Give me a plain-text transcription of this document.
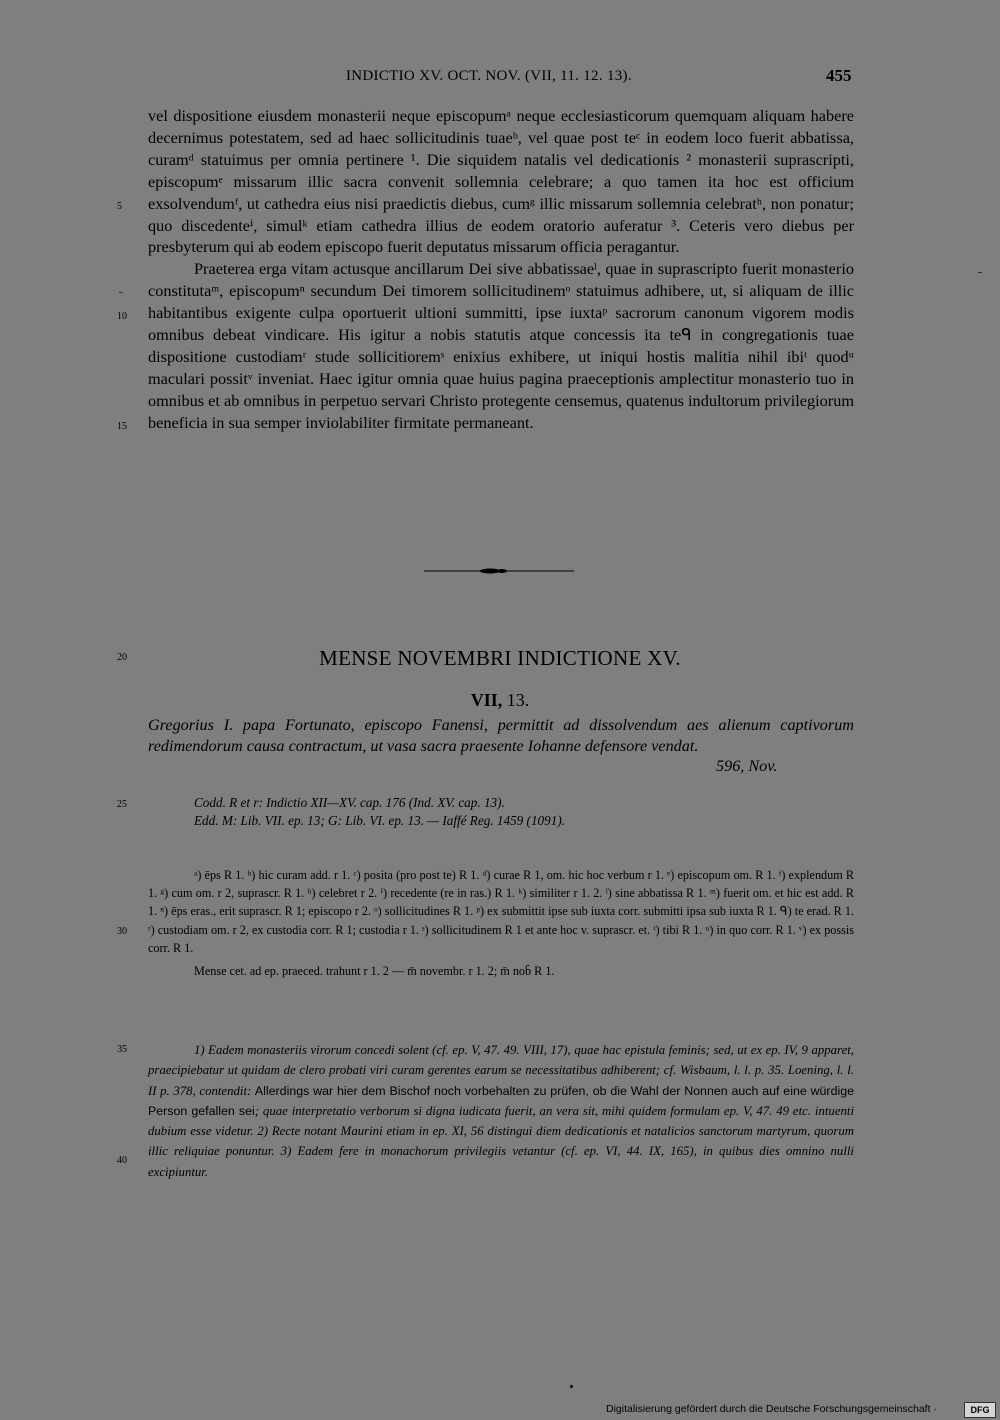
INDICTIO XV. OCT. NOV. (VII, 11. 12. 13).	455
5
10
15
20
25
30
35
40

vel dispositione eiusdem monasterii neque episcopumᵃ neque ecclesiasticorum quemquam aliquam habere decernimus potestatem, sed ad haec sollicitudinis tuaeᵇ, vel quae post teᶜ in eodem loco fuerit abbatissa, curamᵈ statuimus per omnia pertinere ¹. Die siquidem natalis vel dedicationis ² monasterii suprascripti, episcopumᵉ missarum illic sacra convenit sollemnia celebrare; a quo tamen ita hoc est officium exsolvendumᶠ, ut cathedra eius nisi praedictis diebus, cumᵍ illic missarum sollemnia celebratʰ, non ponatur; quo discedenteⁱ, simulᵏ etiam cathedra illius de eodem oratorio auferatur ³. Ceteris vero diebus per presbyterum qui ab eodem episcopo fuerit deputatus missarum officia peragantur.

Praeterea erga vitam actusque ancillarum Dei sive abbatissaeˡ, quae in suprascripto fuerit monasterio constitutaᵐ, episcopumⁿ secundum Dei timorem sollicitudinemᵒ statuimus adhibere, ut, si aliquam de illic habitantibus exigente culpa oportuerit ultioni summitti, ipse iuxtaᵖ sacrorum canonum vigorem modis omnibus debeat vindicare. His igitur a nobis statutis atque concessis ita teᑫ in congregationis tuae dispositione custodiamʳ stude sollicitioremˢ enixius exhibere, ut iniqui hostis malitia nihil ibiᵗ quodᵘ maculari possitᵛ inveniat. Haec igitur omnia quae huius pagina praeceptionis amplectitur monasterio tuo in omnibus et ab omnibus in perpetuo servari Christo protegente censemus, quatenus indultorum privilegiorum beneficia in sua semper inviolabiliter firmitate permaneant.

MENSE NOVEMBRI INDICTIONE XV.
VII, 13.
Gregorius I. papa Fortunato, episcopo Fanensi, permittit ad dissolvendum aes alienum captivorum redimendorum causa contractum, ut vasa sacra praesente Iohanne defensore vendat.
596, Nov.
Codd. R et r: Indictio XII—XV. cap. 176 (Ind. XV. cap. 13).
Edd. M: Lib. VII. ep. 13; G: Lib. VI. ep. 13. — Iaffé Reg. 1459 (1091).

ᵃ) ēps R 1. ᵇ) hic curam add. r 1. ᶜ) posita (pro post te) R 1. ᵈ) curae R 1, om. hic hoc verbum r 1. ᵉ) episcopum om. R 1. ᶠ) explendum R 1. ᵍ) cum om. r 2, suprascr. R 1. ʰ) celebret r 2. ⁱ) recedente (re in ras.) R 1. ᵏ) similiter r 1. 2. ˡ) sine abbatissa R 1. ᵐ) fuerit om. et hic est add. R 1. ⁿ) ēps eras., erit suprascr. R 1; episcopo r 2. ᵒ) sollicitudines R 1. ᵖ) ex submittit ipse sub iuxta corr. submitti ipsa sub iuxta R 1. ᑫ) te erad. R 1. ʳ) custodiam om. r 2, ex custodia corr. R 1; custodia r 1. ˢ) sollicitudinem R 1 et ante hoc v. suprascr. et. ᵗ) tibi R 1. ᵘ) in quo corr. R 1. ᵛ) ex possis corr. R 1.

Mense cet. ad ep. praeced. trahunt r 1. 2 — m̄ novembr. r 1. 2; m̄ nob̄ R 1.

1) Eadem monasteriis virorum concedi solent (cf. ep. V, 47. 49. VIII, 17), quae hac epistula feminis; sed, ut ex ep. IV, 9 apparet, praecipiebatur ut quidam de clero probati viri curam gerentes earum se necessitatibus adhiberent; cf. Wisbaum, l. l. p. 35. Loening, l. l. II p. 378, contendit: Allerdings war hier dem Bischof noch vorbehalten zu prüfen, ob die Wahl der Nonnen auch auf eine würdige Person gefallen sei; quae interpretatio verborum si digna iudicata fuerit, an vera sit, mihi quidem formulam ep. V, 47. 49 etc. intuenti dubium esse videtur. 2) Recte notant Maurini etiam in ep. XI, 56 distingui diem dedicationis et natalicios sanctorum martyrum, quorum illic reliquiae ponuntur. 3) Eadem fere in monachorum privilegiis vetantur (cf. ep. VI, 44. IX, 165), in quibus dies omnino nulli excipiuntur.

Digitalisierung gefördert durch die Deutsche Forschungsgemeinschaft ·	DFG
